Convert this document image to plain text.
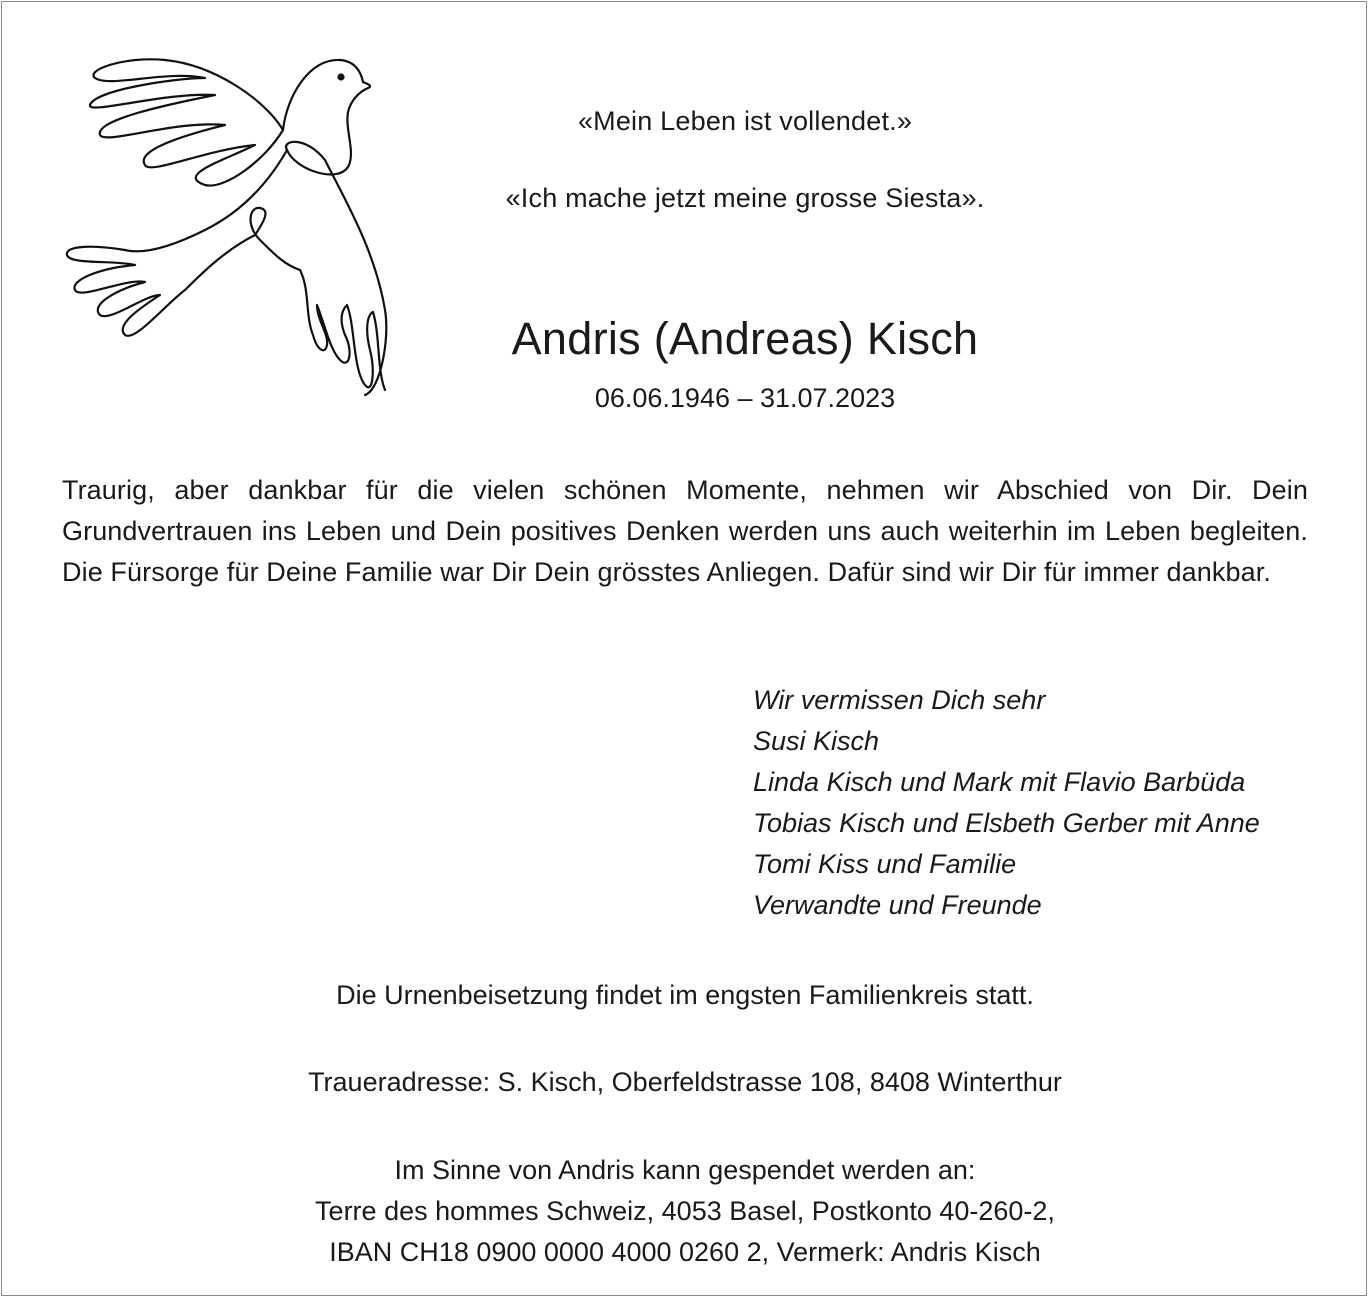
«Mein Leben ist vollendet.»
«Ich mache jetzt meine grosse Siesta».
Andris (Andreas) Kisch
06.06.1946 – 31.07.2023
Traurig, aber dankbar für die vielen schönen Momente, nehmen wir Abschied von Dir. Dein Grundvertrauen ins Leben und Dein positives Denken werden uns auch weiterhin im Leben begleiten. Die Fürsorge für Deine Familie war Dir Dein grösstes Anliegen. Dafür sind wir Dir für immer dankbar.
Wir vermissen Dich sehr
Susi Kisch
Linda Kisch und Mark mit Flavio Barbüda
Tobias Kisch und Elsbeth Gerber mit Anne
Tomi Kiss und Familie
Verwandte und Freunde
Die Urnenbeisetzung findet im engsten Familienkreis statt.
Traueradresse: S. Kisch, Oberfeldstrasse 108, 8408 Winterthur
Im Sinne von Andris kann gespendet werden an:
Terre des hommes Schweiz, 4053 Basel, Postkonto 40-260-2,
IBAN CH18 0900 0000 4000 0260 2, Vermerk: Andris Kisch
